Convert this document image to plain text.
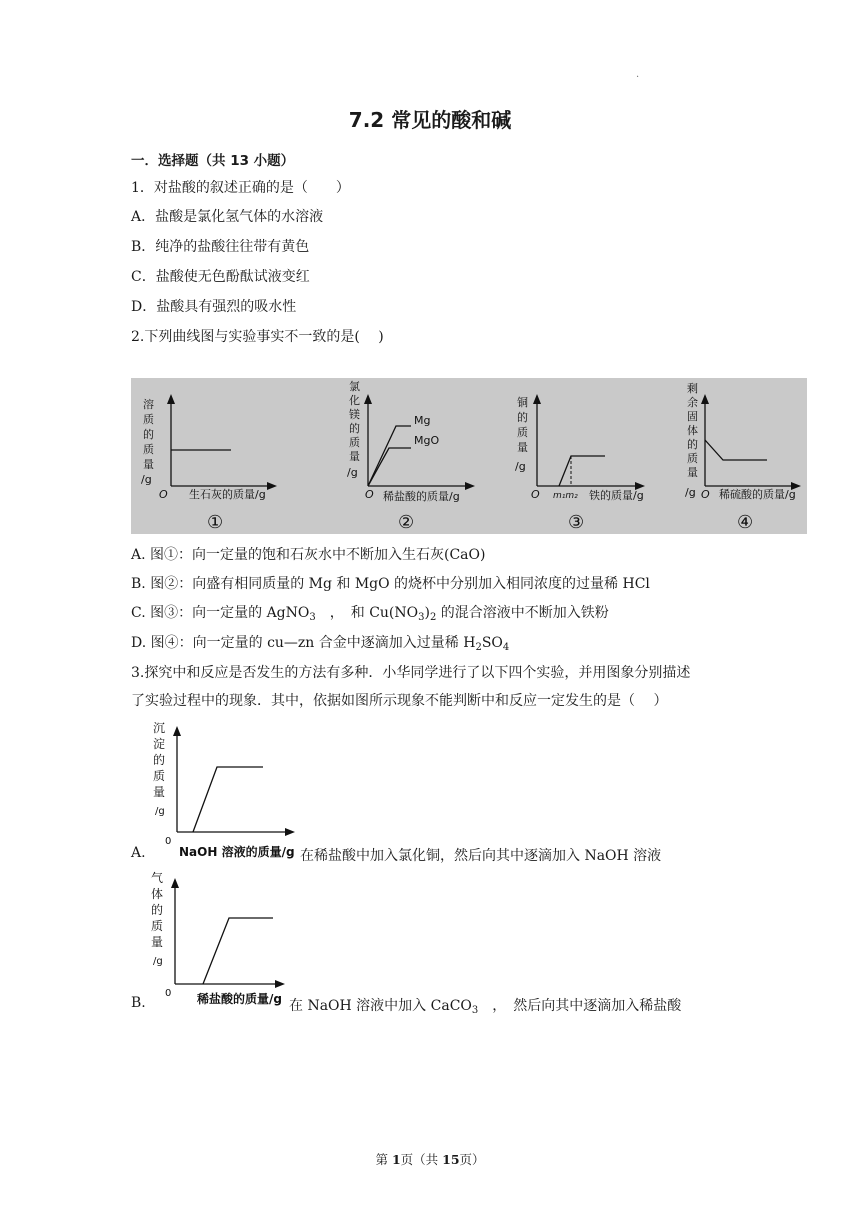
·
7.2 常见的酸和碱
一．选择题（共 13 小题）
1．对盐酸的叙述正确的是（　　）
A．盐酸是氯化氢气体的水溶液
B．纯净的盐酸往往带有黄色
C．盐酸使无色酚酞试液变红
D．盐酸具有强烈的吸水性
2.下列曲线图与实验事实不一致的是(　 )
溶
质
的
质
量
/g
O 生石灰的质量/g
①
氯
化
镁
的
质
量
/g
Mg
MgO
O 稀盐酸的质量/g
②
铜
的
质
量
/g
O m₁m₂ 铁的质量/g
③
剩
余
固
体
的
质
量
/g O 稀硫酸的质量/g
④
A. 图①：向一定量的饱和石灰水中不断加入生石灰(CaO)
B. 图②：向盛有相同质量的 Mg 和 MgO 的烧杯中分别加入相同浓度的过量稀 HCl
C. 图③：向一定量的 AgNO$_3$　，　和 $Cu(NO_3)_2$ 的混合溶液中不断加入铁粉
D. 图④：向一定量的 cu—zn 合金中逐滴加入过量稀 $H_2SO_4$
3.探究中和反应是否发生的方法有多种．小华同学进行了以下四个实验，并用图象分别描述
了实验过程中的现象．其中，依据如图所示现象不能判断中和反应一定发生的是（　 ）
沉
淀
的
质
量
/g
0
NaOH 溶液的质量/g
A.	在稀盐酸中加入氯化铜，然后向其中逐滴加入 NaOH 溶液
气
体
的
质
量
/g
0 稀盐酸的质量/g
B.	在 NaOH 溶液中加入 CaCO$_3$　，　然后向其中逐滴加入稀盐酸
第 1页（共 15页）
